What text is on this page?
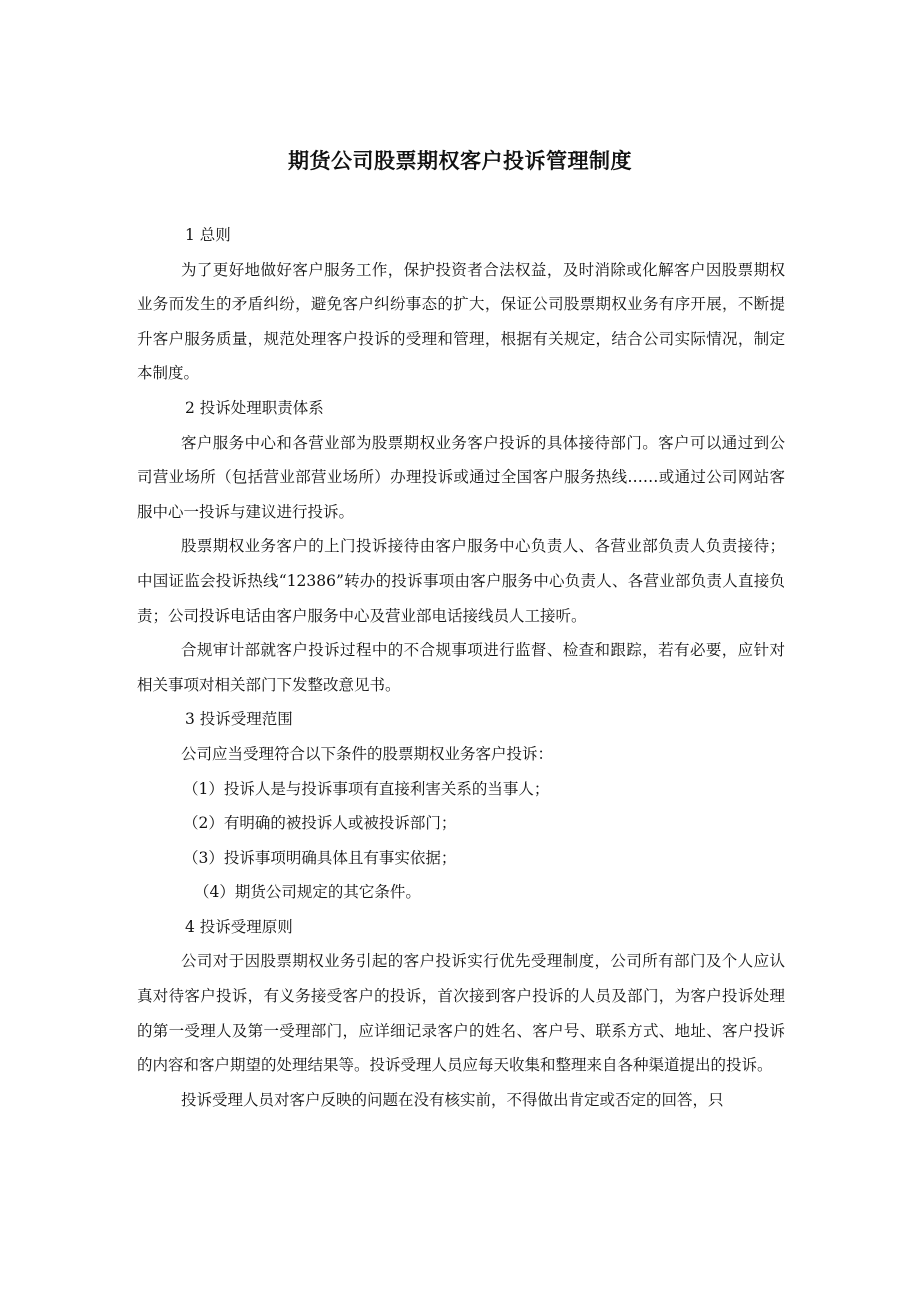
期货公司股票期权客户投诉管理制度

1 总则

为了更好地做好客户服务工作，保护投资者合法权益，及时消除或化解客户因股票期权业务而发生的矛盾纠纷，避免客户纠纷事态的扩大，保证公司股票期权业务有序开展，不断提升客户服务质量，规范处理客户投诉的受理和管理，根据有关规定，结合公司实际情况，制定本制度。

2 投诉处理职责体系

客户服务中心和各营业部为股票期权业务客户投诉的具体接待部门。客户可以通过到公司营业场所（包括营业部营业场所）办理投诉或通过全国客户服务热线……或通过公司网站客服中心一投诉与建议进行投诉。

股票期权业务客户的上门投诉接待由客户服务中心负责人、各营业部负责人负责接待；中国证监会投诉热线“12386”转办的投诉事项由客户服务中心负责人、各营业部负责人直接负责；公司投诉电话由客户服务中心及营业部电话接线员人工接听。

合规审计部就客户投诉过程中的不合规事项进行监督、检查和跟踪，若有必要，应针对相关事项对相关部门下发整改意见书。

3 投诉受理范围

公司应当受理符合以下条件的股票期权业务客户投诉：

（1）投诉人是与投诉事项有直接利害关系的当事人；

（2）有明确的被投诉人或被投诉部门；

（3）投诉事项明确具体且有事实依据；

（4）期货公司规定的其它条件。

4 投诉受理原则

公司对于因股票期权业务引起的客户投诉实行优先受理制度，公司所有部门及个人应认真对待客户投诉，有义务接受客户的投诉，首次接到客户投诉的人员及部门，为客户投诉处理的第一受理人及第一受理部门，应详细记录客户的姓名、客户号、联系方式、地址、客户投诉的内容和客户期望的处理结果等。投诉受理人员应每天收集和整理来自各种渠道提出的投诉。

投诉受理人员对客户反映的问题在没有核实前，不得做出肯定或否定的回答，只
